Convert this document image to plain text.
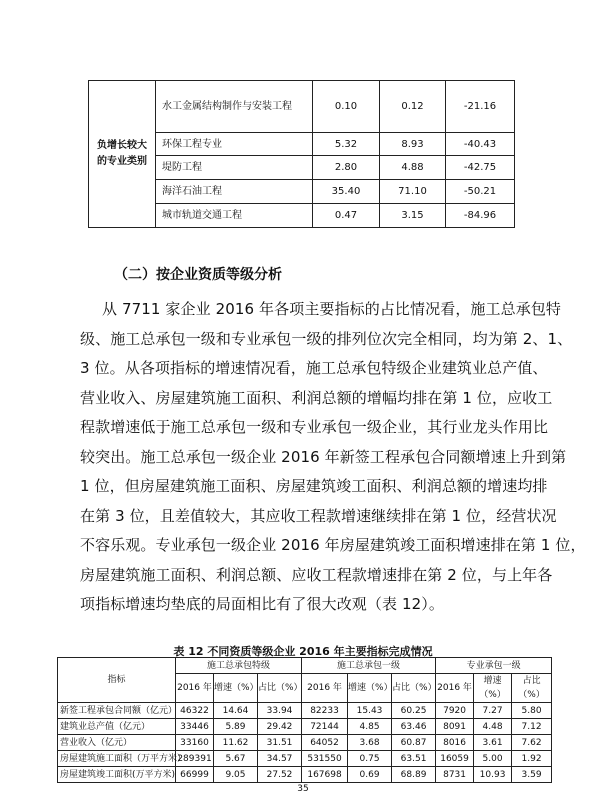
负增长较大的专业类别	水工金属结构制作与安装工程	0.10	0.12	-21.16
	环保工程专业	5.32	8.93	-40.43
	堤防工程	2.80	4.88	-42.75
	海洋石油工程	35.40	71.10	-50.21
	城市轨道交通工程	0.47	3.15	-84.96
（二）按企业资质等级分析
从 7711 家企业 2016 年各项主要指标的占比情况看，施工总承包特
级、施工总承包一级和专业承包一级的排列位次完全相同，均为第 2、1、
3 位。从各项指标的增速情况看，施工总承包特级企业建筑业总产值、
营业收入、房屋建筑施工面积、利润总额的增幅均排在第 1 位，应收工
程款增速低于施工总承包一级和专业承包一级企业，其行业龙头作用比
较突出。施工总承包一级企业 2016 年新签工程承包合同额增速上升到第
1 位，但房屋建筑施工面积、房屋建筑竣工面积、利润总额的增速均排
在第 3 位，且差值较大，其应收工程款增速继续排在第 1 位，经营状况
不容乐观。专业承包一级企业 2016 年房屋建筑竣工面积增速排在第 1 位，
房屋建筑施工面积、利润总额、应收工程款增速排在第 2 位，与上年各
项指标增速均垫底的局面相比有了很大改观（表 12）。
表 12 不同资质等级企业 2016 年主要指标完成情况
指标	施工总承包特级			施工总承包一级			专业承包一级		
	2016 年	增速（%）	占比（%）	2016 年	增速（%）	占比（%）	2016 年	增速（%）	占比（%）
新签工程承包合同额（亿元）	46322	14.64	33.94	82233	15.43	60.25	7920	7.27	5.80
建筑业总产值（亿元）	33446	5.89	29.42	72144	4.85	63.46	8091	4.48	7.12
营业收入（亿元）	33160	11.62	31.51	64052	3.68	60.87	8016	3.61	7.62
房屋建筑施工面积（万平方米）	289391	5.67	34.57	531550	0.75	63.51	16059	5.00	1.92
房屋建筑竣工面积(万平方米)	66999	9.05	27.52	167698	0.69	68.89	8731	10.93	3.59
35
